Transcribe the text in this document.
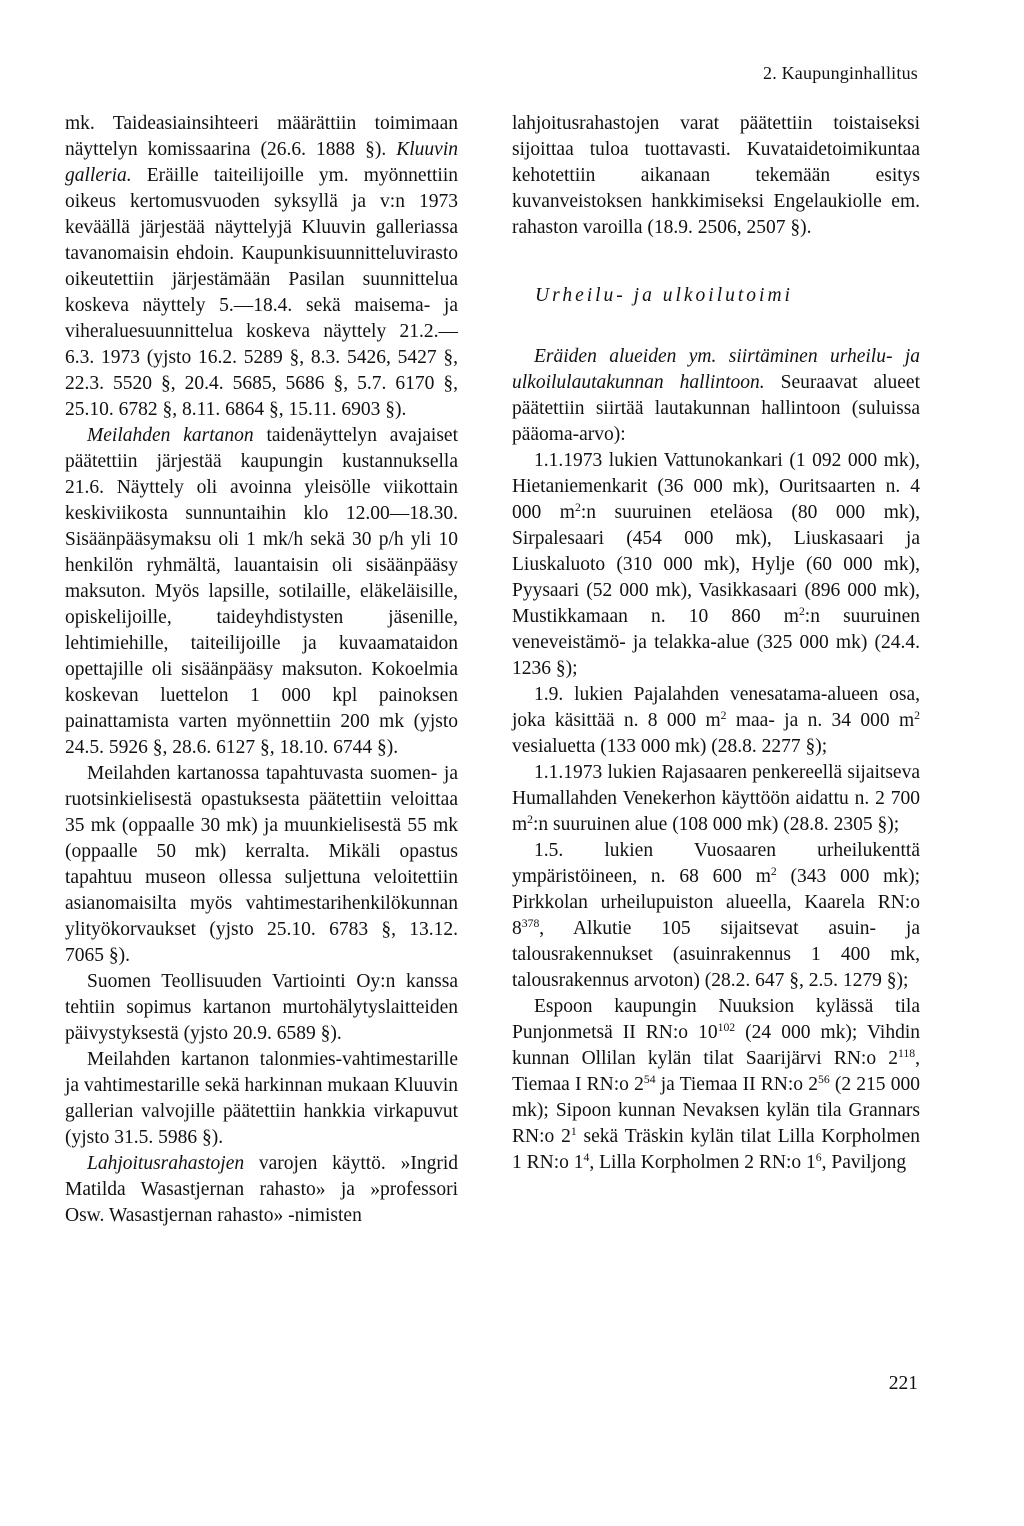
2. Kaupunginhallitus

mk. Taideasiainsihteeri määrättiin toimimaan näyttelyn komissaarina (26.6. 1888 §). Kluuvin galleria. Eräille taiteilijoille ym. myönnettiin oikeus kertomusvuoden syksyllä ja v:n 1973 keväällä järjestää näyttelyjä Kluuvin galleriassa tavanomaisin ehdoin. Kaupunkisuunnitteluvirasto oikeutettiin järjestämään Pasilan suunnittelua koskeva näyttely 5.—18.4. sekä maisema- ja viheraluesuunnittelua koskeva näyttely 21.2.—6.3. 1973 (yjsto 16.2. 5289 §, 8.3. 5426, 5427 §, 22.3. 5520 §, 20.4. 5685, 5686 §, 5.7. 6170 §, 25.10. 6782 §, 8.11. 6864 §, 15.11. 6903 §).

Meilahden kartanon taidenäyttelyn avajaiset päätettiin järjestää kaupungin kustannuksella 21.6. Näyttely oli avoinna yleisölle viikottain keskiviikosta sunnuntaihin klo 12.00—18.30. Sisäänpääsymaksu oli 1 mk/h sekä 30 p/h yli 10 henkilön ryhmältä, lauantaisin oli sisäänpääsy maksuton. Myös lapsille, sotilaille, eläkeläisille, opiskelijoille, taideyhdistysten jäsenille, lehtimiehille, taiteilijoille ja kuvaamataidon opettajille oli sisäänpääsy maksuton. Kokoelmia koskevan luettelon 1 000 kpl painoksen painattamista varten myönnettiin 200 mk (yjsto 24.5. 5926 §, 28.6. 6127 §, 18.10. 6744 §).

Meilahden kartanossa tapahtuvasta suomen- ja ruotsinkielisestä opastuksesta päätettiin veloittaa 35 mk (oppaalle 30 mk) ja muunkielisestä 55 mk (oppaalle 50 mk) kerralta. Mikäli opastus tapahtuu museon ollessa suljettuna veloitettiin asianomaisilta myös vahtimestarihenkilökunnan ylityökorvaukset (yjsto 25.10. 6783 §, 13.12. 7065 §).

Suomen Teollisuuden Vartiointi Oy:n kanssa tehtiin sopimus kartanon murtohälytyslaitteiden päivystyksestä (yjsto 20.9. 6589 §).

Meilahden kartanon talonmies-vahtimestarille ja vahtimestarille sekä harkinnan mukaan Kluuvin gallerian valvojille päätettiin hankkia virkapuvut (yjsto 31.5. 5986 §).

Lahjoitusrahastojen varojen käyttö. »Ingrid Matilda Wasastjernan rahasto» ja »professori Osw. Wasastjernan rahasto» -nimisten

lahjoitusrahastojen varat päätettiin toistaiseksi sijoittaa tuloa tuottavasti. Kuvataidetoimikuntaa kehotettiin aikanaan tekemään esitys kuvanveistoksen hankkimiseksi Engelaukiolle em. rahaston varoilla (18.9. 2506, 2507 §).

Urheilu- ja ulkoilutoimi

Eräiden alueiden ym. siirtäminen urheilu- ja ulkoilulautakunnan hallintoon. Seuraavat alueet päätettiin siirtää lautakunnan hallintoon (suluissa pääoma-arvo):

1.1.1973 lukien Vattunokankari (1 092 000 mk), Hietaniemenkarit (36 000 mk), Ouritsaarten n. 4 000 $m^2:n$ suuruinen eteläosa (80 000 mk), Sirpalesaari (454 000 mk), Liuskasaari ja Liuskaluoto (310 000 mk), Hylje (60 000 mk), Pyysaari (52 000 mk), Vasikkasaari (896 000 mk), Mustikkamaan n. 10 860 $m^2:n$ suuruinen veneveistämö- ja telakka-alue (325 000 mk) (24.4. 1236 §);

1.9. lukien Pajalahden venesatama-alueen osa, joka käsittää n. 8 000 $m^2$ maa- ja n. 34 000 $m^2$ vesialuetta (133 000 mk) (28.8. 2277 §);

1.1.1973 lukien Rajasaaren penkereellä sijaitseva Humallahden Venekerhon käyttöön aidattu n. 2 700 $m^2:n$ suuruinen alue (108 000 mk) (28.8. 2305 §);

1.5. lukien Vuosaaren urheilukenttä ympäristöineen, n. 68 600 $m^2$ (343 000 mk); Pirkkolan urheilupuiston alueella, Kaarela RN:o $8^{378}$, Alkutie 105 sijaitsevat asuin- ja talousrakennukset (asuinrakennus 1 400 mk, talousrakennus arvoton) (28.2. 647 §, 2.5. 1279 §);

Espoon kaupungin Nuuksion kylässä tila Punjonmetsä II RN:o $10^{102}$ (24 000 mk); Vihdin kunnan Ollilan kylän tilat Saarijärvi RN:o $2^{118}$, Tiemaa I RN:o $2^{54}$ ja Tiemaa II RN:o $2^{56}$ (2 215 000 mk); Sipoon kunnan Nevaksen kylän tila Grannars RN:o $2^1$ sekä Träskin kylän tilat Lilla Korpholmen 1 RN:o $1^4$, Lilla Korpholmen 2 RN:o $1^6$, Paviljong

221
